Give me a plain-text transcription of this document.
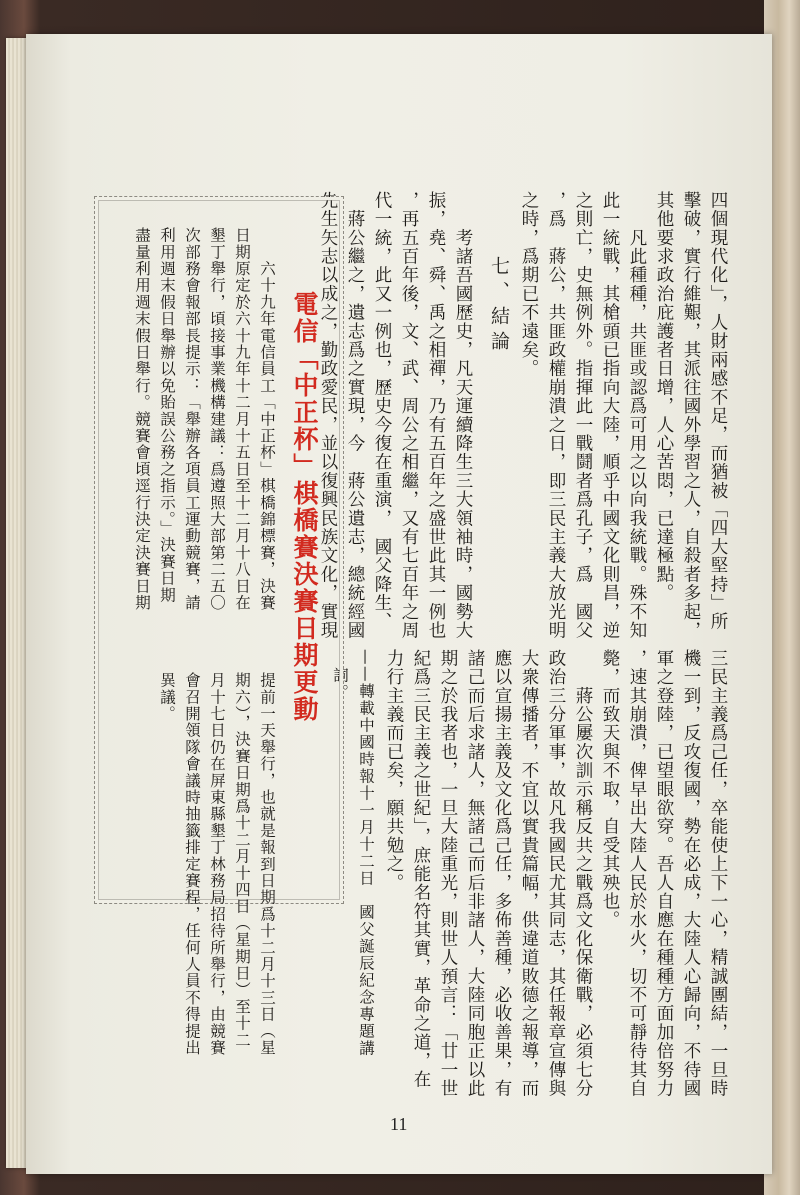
四個現代化」，人財兩感不足，而猶被「四大堅持」所
擊破，實行維艱，其派往國外學習之人，自殺者多起，
其他要求政治庇護者日增，人心苦悶，已達極點。
　　凡此種種，共匪或認爲可用之以向我統戰。殊不知
此一統戰，其槍頭已指向大陸，順乎中國文化則昌，逆
之則亡，史無例外。指揮此一戰鬪者爲孔子，爲　國父
，爲　蔣公，共匪政權崩潰之日，即三民主義大放光明
之時，爲期已不遠矣。
七、結論
　　考諸吾國歷史，凡天運續降生三大領袖時，國勢大
振，堯、舜、禹之相禪，乃有五百年之盛世此其一例也
，再五百年後，文、武、周公之相繼，又有七百年之周
代一統，此又一例也，歷史今復在重演，　國父降生、
　蔣公繼之，遺志爲之實現，今　蔣公遺志，總統經國
先生矢志以成之，勤政愛民，並以復興民族文化，實現
三民主義爲己任，卒能使上下一心，精誠團結，一旦時
機一到，反攻復國，勢在必成，大陸人心歸向，不待國
軍之登陸，已望眼欲穿。吾人自應在種種方面加倍努力
，速其崩潰，俾早出大陸人民於水火，切不可靜待其自
斃，而致天與不取，自受其殃也。
　　蔣公屢次訓示稱反共之戰爲文化保衛戰，必須七分
政治三分軍事，故凡我國民尤其同志，其任報章宣傳與
大衆傳播者，不宜以實貴篇幅，供違道敗德之報導，而
應以宣揚主義及文化爲己任，多佈善種，必收善果，有
諸己而后求諸人，無諸己而后非諸人，大陸同胞正以此
期之於我者也，一旦大陸重光，則世人預言：「廿一世
紀爲三民主義之世紀」，庶能名符其實，革命之道，在
力行主義而已矣，願共勉之。
——轉載中國時報十一月十二日　國父誕辰紀念專題講
詞。
電信「中正杯」棋橋賽決賽日期更動
　　六十九年電信員工「中正杯」棋橋錦標賽，決賽
日期原定於六十九年十二月十五日至十二月十八日在
墾丁舉行，頃接事業機構建議：爲遵照大部第二五〇
次部務會報部長提示：「舉辦各項員工運動競賽，請
利用週末假日舉辦以免貽誤公務之指示。」決賽日期
盡量利用週末假日舉行。競賽會頃逕行決定決賽日期
提前一天舉行，也就是報到日期爲十二月十三日（星
期六），決賽日期爲十二月十四日（星期日）至十二
月十七日仍在屏東縣墾丁林務局招待所舉行，由競賽
會召開領隊會議時抽籤排定賽程，任何人員不得提出
異議。
11
